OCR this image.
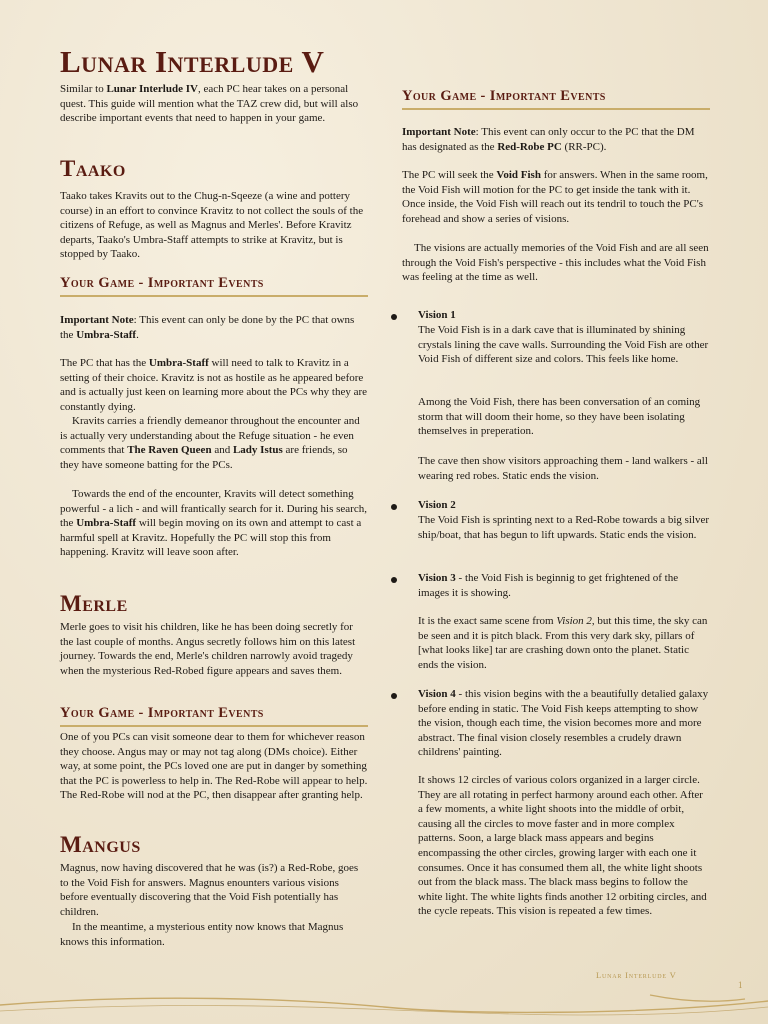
Lunar Interlude V

Similar to Lunar Interlude IV, each PC hear takes on a personal quest. This guide will mention what the TAZ crew did, but will also describe important events that need to happen in your game.

Taako

Taako takes Kravits out to the Chug-n-Sqeeze (a wine and pottery course) in an effort to convince Kravitz to not collect the souls of the citizens of Refuge, as well as Magnus and Merles'. Before Kravitz departs, Taako's Umbra-Staff attempts to strike at Kravitz, but is stopped by Taako.

Your Game - Important Events

Important Note: This event can only be done by the PC that owns the Umbra-Staff.

The PC that has the Umbra-Staff will need to talk to Kravitz in a setting of their choice. Kravitz is not as hostile as he appeared before and is actually just keen on learning more about the PCs why they are constantly dying.

Kravits carries a friendly demeanor throughout the encounter and is actually very understanding about the Refuge situation - he even comments that The Raven Queen and Lady Istus are friends, so they have someone batting for the PCs.

Towards the end of the encounter, Kravits will detect something powerful - a lich - and will frantically search for it. During his search, the Umbra-Staff will begin moving on its own and attempt to cast a harmful spell at Kravitz. Hopefully the PC will stop this from happening. Kravitz will leave soon after.

Merle

Merle goes to visit his children, like he has been doing secretly for the last couple of months. Angus secretly follows him on this latest journey. Towards the end, Merle's children narrowly avoid tragedy when the mysterious Red-Robed figure appears and saves them.

Your Game - Important Events

One of you PCs can visit someone dear to them for whichever reason they choose. Angus may or may not tag along (DMs choice). Either way, at some point, the PCs loved one are put in danger by something that the PC is powerless to help in. The Red-Robe will appear to help. The Red-Robe will nod at the PC, then disappear after granting help.

Mangus

Magnus, now having discovered that he was (is?) a Red-Robe, goes to the Void Fish for answers. Magnus enounters various visions before eventually discovering that the Void Fish potentially has children.

In the meantime, a mysterious entity now knows that Magnus knows this information.

Your Game - Important Events

Important Note: This event can only occur to the PC that the DM has designated as the Red-Robe PC (RR-PC).

The PC will seek the Void Fish for answers. When in the same room, the Void Fish will motion for the PC to get inside the tank with it. Once inside, the Void Fish will reach out its tendril to touch the PC's forehead and show a series of visions.

The visions are actually memories of the Void Fish and are all seen through the Void Fish's perspective - this includes what the Void Fish was feeling at the time as well.

Vision 1

The Void Fish is in a dark cave that is illuminated by shining crystals lining the cave walls. Surrounding the Void Fish are other Void Fish of different size and colors. This feels like home.

Among the Void Fish, there has been conversation of an coming storm that will doom their home, so they have been isolating themselves in preperation.

The cave then show visitors approaching them - land walkers - all wearing red robes. Static ends the vision.

Vision 2

The Void Fish is sprinting next to a Red-Robe towards a big silver ship/boat, that has begun to lift upwards. Static ends the vision.

Vision 3 - the Void Fish is beginnig to get frightened of the images it is showing.

It is the exact same scene from Vision 2, but this time, the sky can be seen and it is pitch black. From this very dark sky, pillars of [what looks like] tar are crashing down onto the planet. Static ends the vision.

Vision 4 - this vision begins with the a beautifully detalied galaxy before ending in static. The Void Fish keeps attempting to show the vision, though each time, the vision becomes more and more abstract. The final vision closely resembles a crudely drawn childrens' painting.

It shows 12 circles of various colors organized in a larger circle. They are all rotating in perfect harmony around each other. After a few moments, a white light shoots into the middle of orbit, causing all the circles to move faster and in more complex patterns. Soon, a large black mass appears and begins encompassing the other circles, growing larger with each one it consumes. Once it has consumed them all, the white light shoots out from the black mass. The black mass begins to follow the white light. The white lights finds another 12 orbiting circles, and the cycle repeats. This vision is repeated a few times.

Lunar Interlude V
1
